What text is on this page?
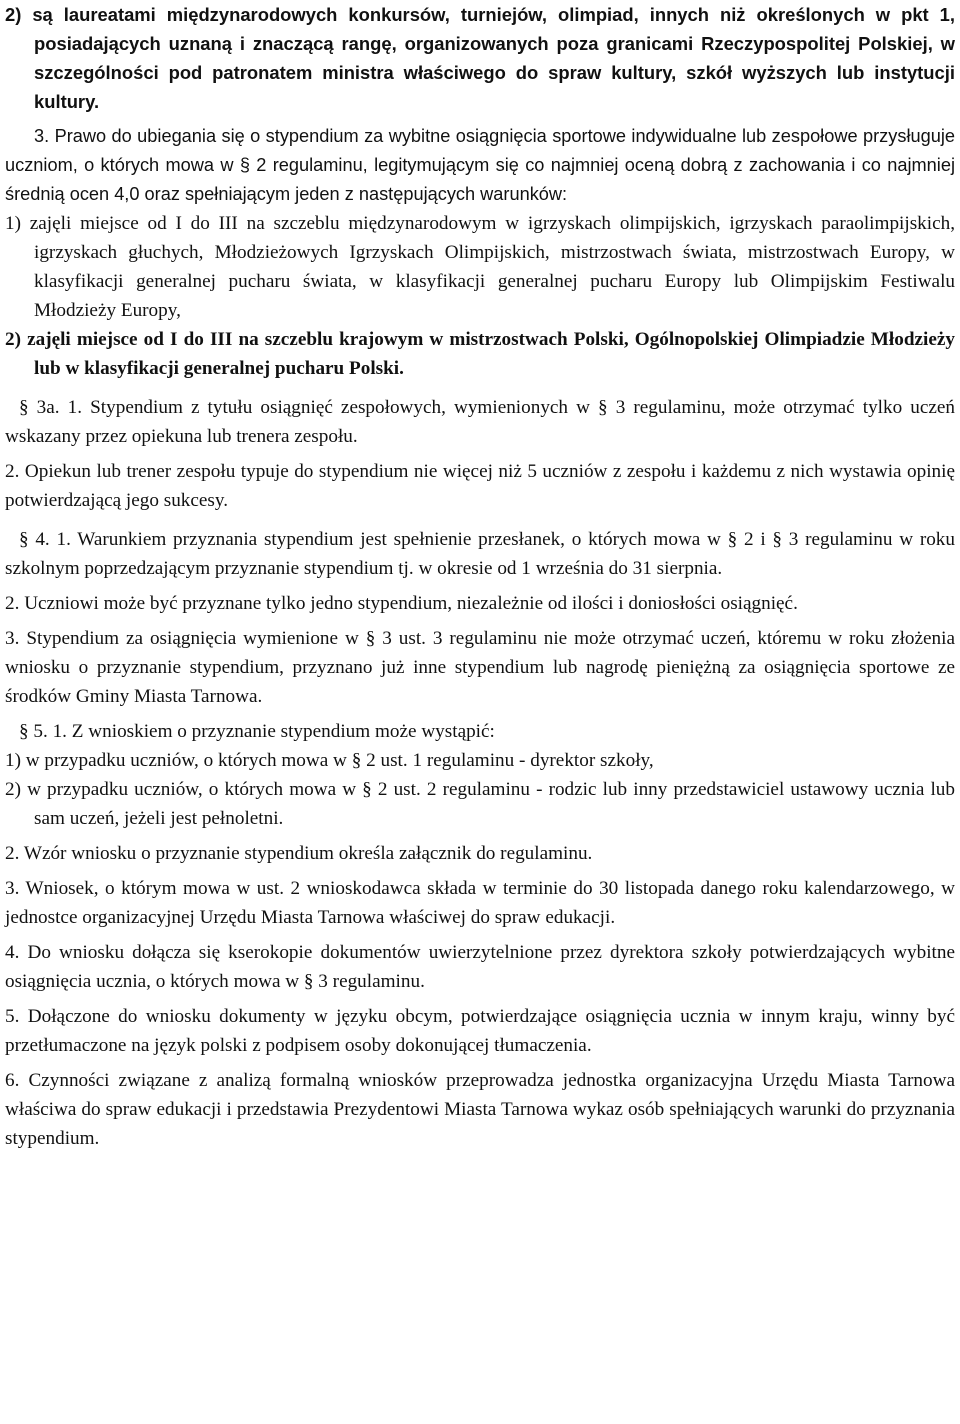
2) są laureatami międzynarodowych konkursów, turniejów, olimpiad, innych niż określonych w pkt 1, posiadających uznaną i znaczącą rangę, organizowanych poza granicami Rzeczypospolitej Polskiej, w szczególności pod patronatem ministra właściwego do spraw kultury, szkół wyższych lub instytucji kultury.

3. Prawo do ubiegania się o stypendium za wybitne osiągnięcia sportowe indywidualne lub zespołowe przysługuje uczniom, o których mowa w § 2 regulaminu, legitymującym się co najmniej oceną dobrą z zachowania i co najmniej średnią ocen 4,0 oraz spełniającym jeden z następujących warunków:

1) zajęli miejsce od I do III na szczeblu międzynarodowym w igrzyskach olimpijskich, igrzyskach paraolimpijskich, igrzyskach głuchych, Młodzieżowych Igrzyskach Olimpijskich, mistrzostwach świata, mistrzostwach Europy, w klasyfikacji generalnej pucharu świata, w klasyfikacji generalnej pucharu Europy lub Olimpijskim Festiwalu Młodzieży Europy,

2) zajęli miejsce od I do III na szczeblu krajowym w mistrzostwach Polski, Ogólnopolskiej Olimpiadzie Młodzieży lub w klasyfikacji generalnej pucharu Polski.

§ 3a. 1. Stypendium z tytułu osiągnięć zespołowych, wymienionych w § 3 regulaminu, może otrzymać tylko uczeń wskazany przez opiekuna lub trenera zespołu.

2. Opiekun lub trener zespołu typuje do stypendium nie więcej niż 5 uczniów z zespołu i każdemu z nich wystawia opinię potwierdzającą jego sukcesy.

§ 4. 1. Warunkiem przyznania stypendium jest spełnienie przesłanek, o których mowa w § 2 i § 3 regulaminu w roku szkolnym poprzedzającym przyznanie stypendium tj. w okresie od 1 września do 31 sierpnia.

2. Uczniowi może być przyznane tylko jedno stypendium, niezależnie od ilości i doniosłości osiągnięć.

3. Stypendium za osiągnięcia wymienione w § 3 ust. 3 regulaminu nie może otrzymać uczeń, któremu w roku złożenia wniosku o przyznanie stypendium, przyznano już inne stypendium lub nagrodę pieniężną za osiągnięcia sportowe ze środków Gminy Miasta Tarnowa.

§ 5. 1. Z wnioskiem o przyznanie stypendium może wystąpić:

1) w przypadku uczniów, o których mowa w § 2 ust. 1 regulaminu - dyrektor szkoły,

2) w przypadku uczniów, o których mowa w § 2 ust. 2 regulaminu - rodzic lub inny przedstawiciel ustawowy ucznia lub sam uczeń, jeżeli jest pełnoletni.

2. Wzór wniosku o przyznanie stypendium określa załącznik do regulaminu.

3. Wniosek, o którym mowa w ust. 2 wnioskodawca składa w terminie do 30 listopada danego roku kalendarzowego, w jednostce organizacyjnej Urzędu Miasta Tarnowa właściwej do spraw edukacji.

4. Do wniosku dołącza się kserokopie dokumentów uwierzytelnione przez dyrektora szkoły potwierdzających wybitne osiągnięcia ucznia, o których mowa w § 3 regulaminu.

5. Dołączone do wniosku dokumenty w języku obcym, potwierdzające osiągnięcia ucznia w innym kraju, winny być przetłumaczone na język polski z podpisem osoby dokonującej tłumaczenia.

6. Czynności związane z analizą formalną wniosków przeprowadza jednostka organizacyjna Urzędu Miasta Tarnowa właściwa do spraw edukacji i przedstawia Prezydentowi Miasta Tarnowa wykaz osób spełniających warunki do przyznania stypendium.
